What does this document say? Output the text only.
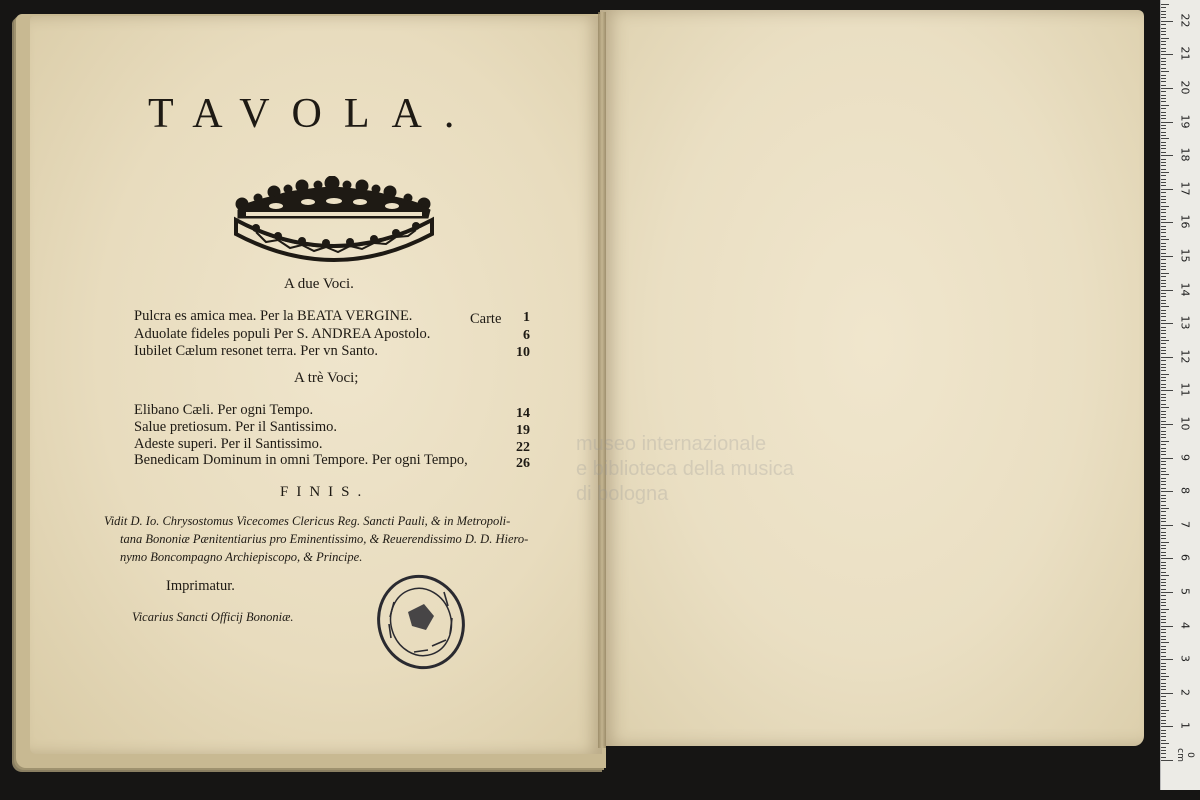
TAVOLA.
A due Voci.
Carte
Pulcra es amica mea. Per la BEATA VERGINE.	1
Aduolate fideles populi Per S. ANDREA Apostolo.	6
Iubilet Cælum resonet terra. Per vn Santo.	10
A trè Voci;
Elibano Cæli. Per ogni Tempo.	14
Salue pretiosum. Per il Santissimo.	19
Adeste superi. Per il Santissimo.	22
Benedicam Dominum in omni Tempore. Per ogni Tempo,	26
FINIS.
Vidit D. Io. Chrysostomus Vicecomes Clericus Reg. Sancti Pauli, & in Metropoli-
tana Bononiæ Pænitentiarius pro Eminentissimo, & Reuerendissimo D. D. Hiero-
nymo Boncompagno Archiepiscopo, & Principe.
Imprimatur.
Vicarius Sancti Officij Bononiæ.
museo internazionale
e biblioteca della musica
di bologna
0 cm
1
2
3
4
5
6
7
8
9
10
11
12
13
14
15
16
17
18
19
20
21
22
